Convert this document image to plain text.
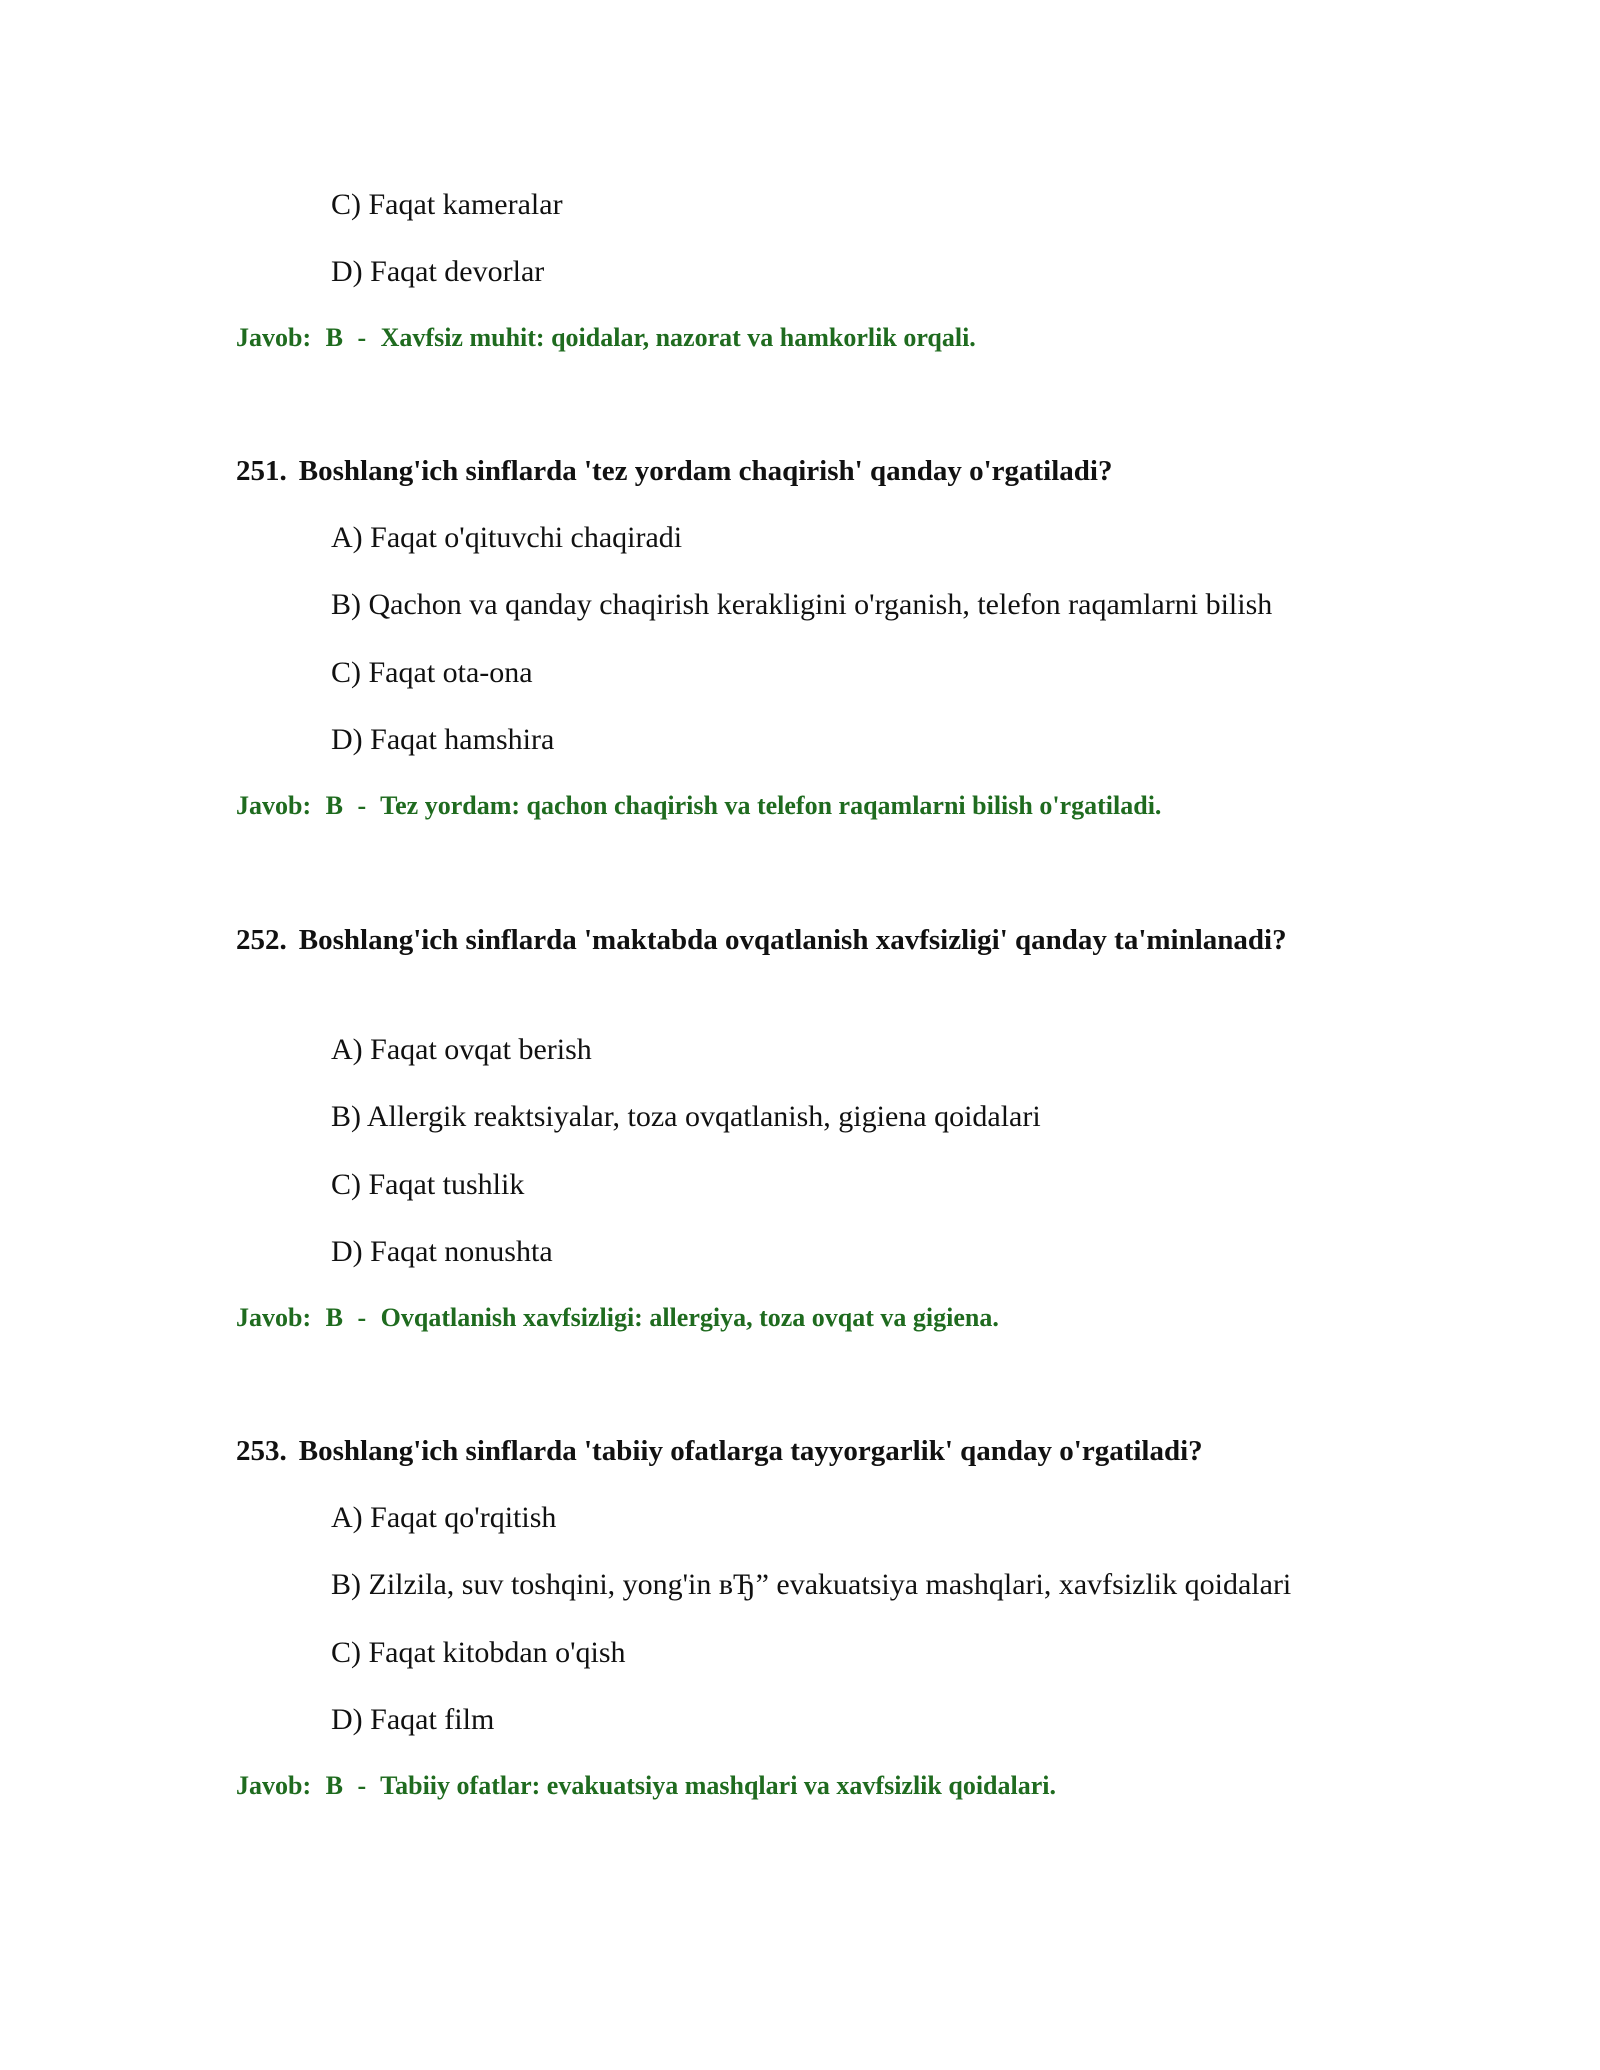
C) Faqat kameralar
D) Faqat devorlar
Javob: B - Xavfsiz muhit: qoidalar, nazorat va hamkorlik orqali.
251. Boshlang'ich sinflarda 'tez yordam chaqirish' qanday o'rgatiladi?
A) Faqat o'qituvchi chaqiradi
B) Qachon va qanday chaqirish kerakligini o'rganish, telefon raqamlarni bilish
C) Faqat ota-ona
D) Faqat hamshira
Javob: B - Tez yordam: qachon chaqirish va telefon raqamlarni bilish o'rgatiladi.
252. Boshlang'ich sinflarda 'maktabda ovqatlanish xavfsizligi' qanday ta'minlanadi?
A) Faqat ovqat berish
B) Allergik reaktsiyalar, toza ovqatlanish, gigiena qoidalari
C) Faqat tushlik
D) Faqat nonushta
Javob: B - Ovqatlanish xavfsizligi: allergiya, toza ovqat va gigiena.
253. Boshlang'ich sinflarda 'tabiiy ofatlarga tayyorgarlik' qanday o'rgatiladi?
A) Faqat qo'rqitish
B) Zilzila, suv toshqini, yong'in вЂ” evakuatsiya mashqlari, xavfsizlik qoidalari
C) Faqat kitobdan o'qish
D) Faqat film
Javob: B - Tabiiy ofatlar: evakuatsiya mashqlari va xavfsizlik qoidalari.
